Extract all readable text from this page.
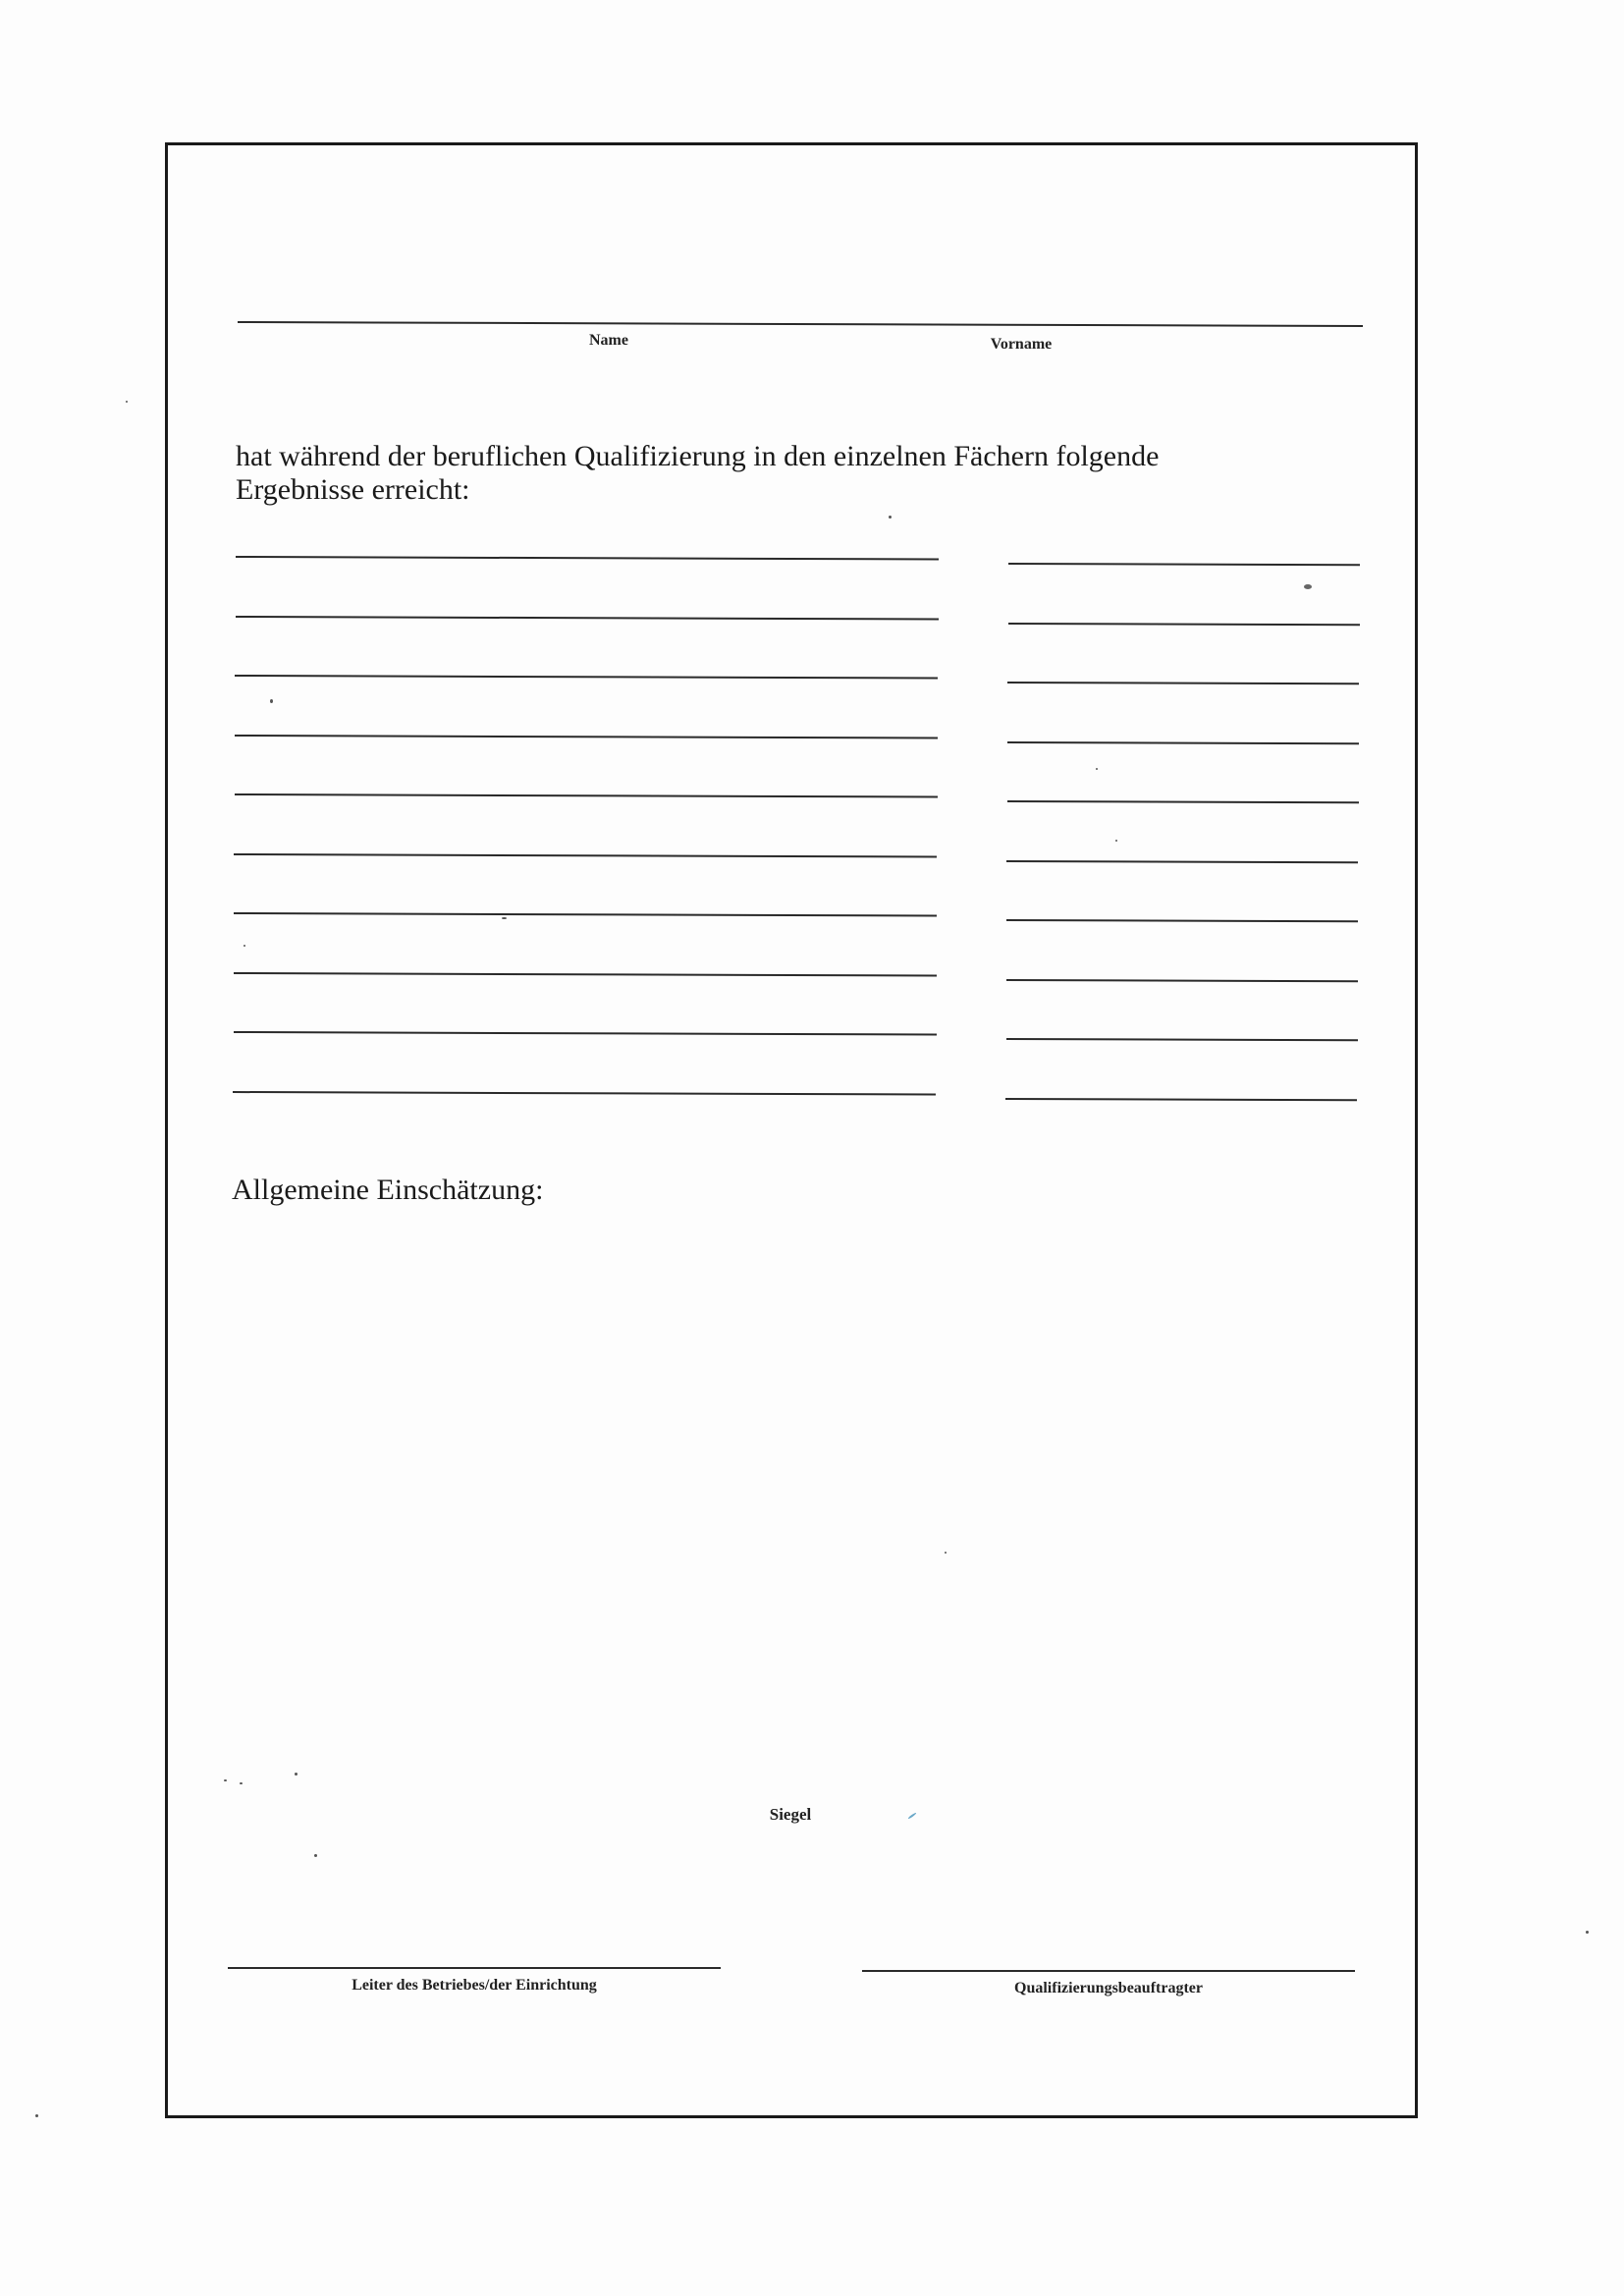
Name	Vorname
hat während der beruflichen Qualifizierung in den einzelnen Fächern folgende
Ergebnisse erreicht:
Allgemeine Einschätzung:
Siegel
Leiter des Betriebes/der Einrichtung	Qualifizierungsbeauftragter
